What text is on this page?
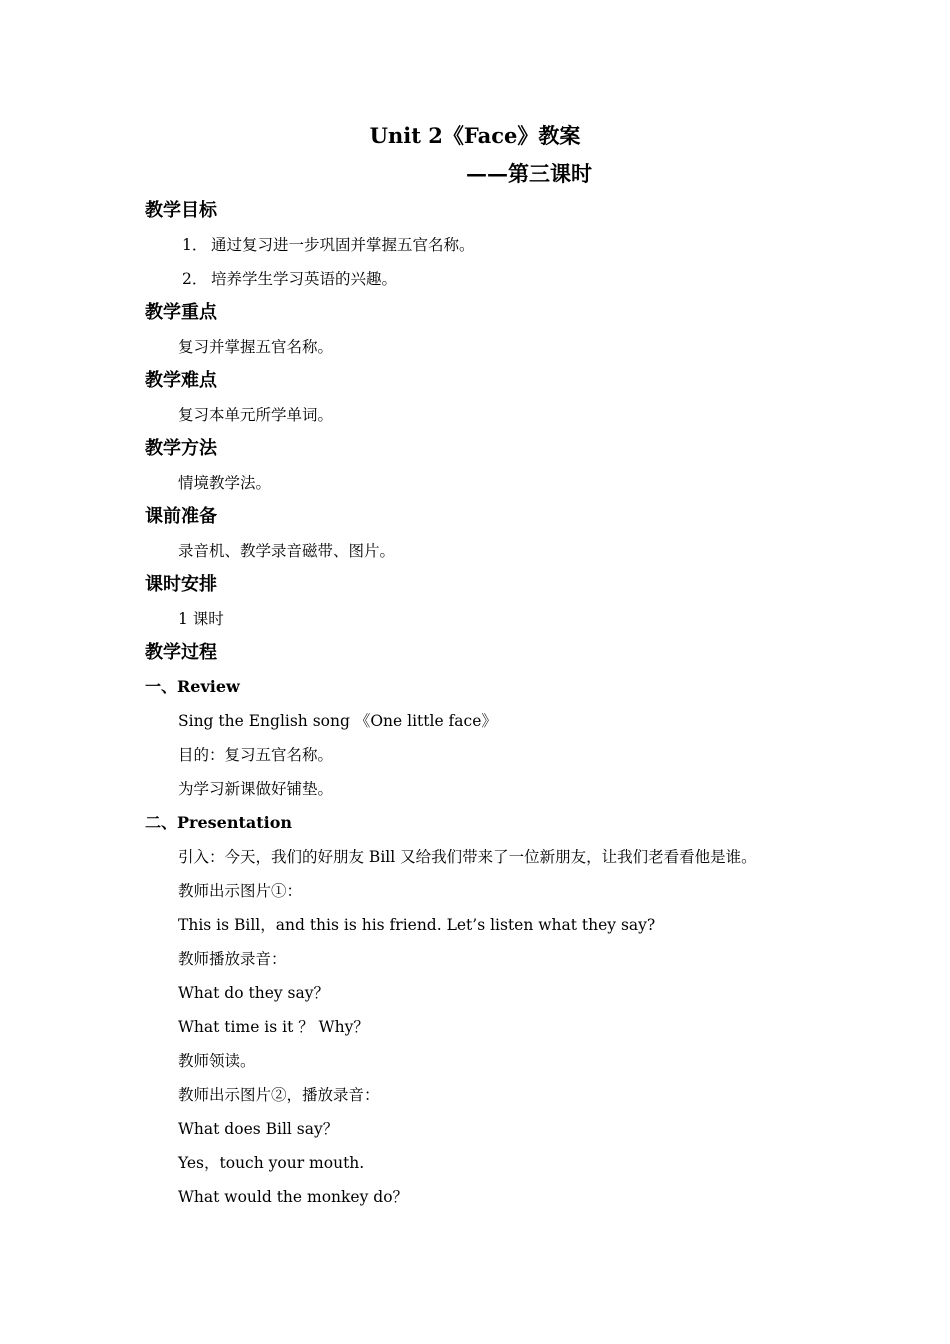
Unit 2《Face》教案
——第三课时
教学目标
1． 通过复习进一步巩固并掌握五官名称。
2． 培养学生学习英语的兴趣。
教学重点
复习并掌握五官名称。
教学难点
复习本单元所学单词。
教学方法
情境教学法。
课前准备
录音机、教学录音磁带、图片。
课时安排
1 课时
教学过程
一、Review
Sing the English song 《One little face》
目的：复习五官名称。
为学习新课做好铺垫。
二、Presentation
引入：今天，我们的好朋友 Bill 又给我们带来了一位新朋友，让我们老看看他是谁。
教师出示图片①：
This is Bill，and this is his friend. Let’s listen what they say?
教师播放录音：
What do they say？
What time is it ？ Why？
教师领读。
教师出示图片②，播放录音：
What does Bill say？
Yes，touch your mouth.
What would the monkey do？
